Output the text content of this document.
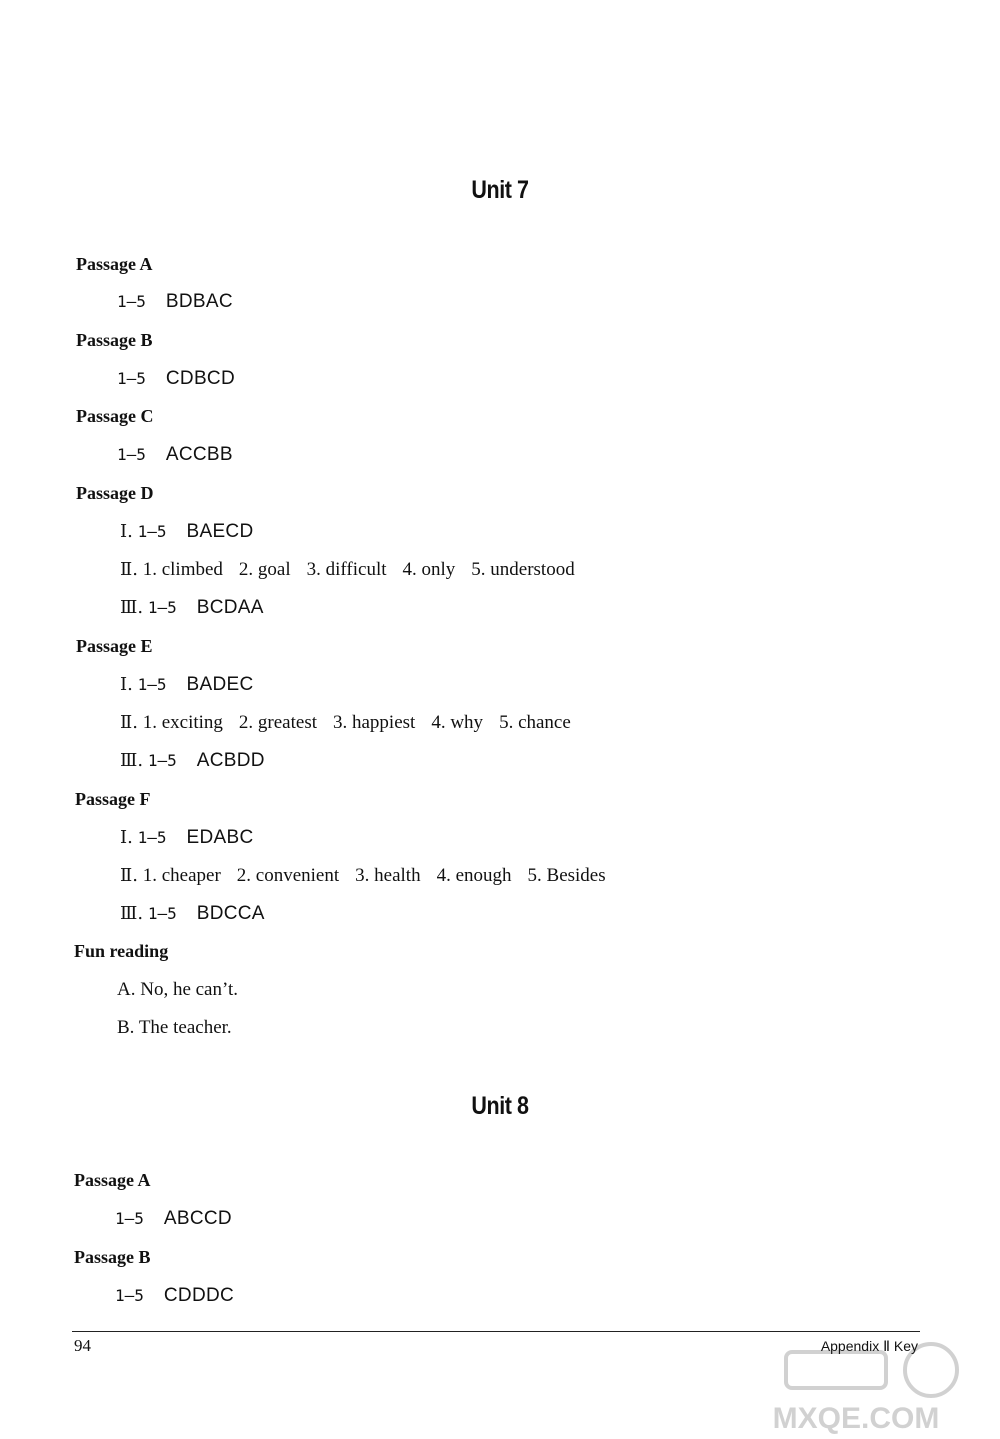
Unit 7
Passage A
1—5 BDBAC
Passage B
1—5 CDBCD
Passage C
1—5 ACCBB
Passage D
Ⅰ. 1—5 BAECD
Ⅱ. 1. climbed 2. goal 3. difficult 4. only 5. understood
Ⅲ. 1—5 BCDAA
Passage E
Ⅰ. 1—5 BADEC
Ⅱ. 1. exciting 2. greatest 3. happiest 4. why 5. chance
Ⅲ. 1—5 ACBDD
Passage F
Ⅰ. 1—5 EDABC
Ⅱ. 1. cheaper 2. convenient 3. health 4. enough 5. Besides
Ⅲ. 1—5 BDCCA
Fun reading
A. No, he can’t.
B. The teacher.
Unit 8
Passage A
1—5 ABCCD
Passage B
1—5 CDDDC
94	Appendix Ⅱ Key
MXQE.COM
